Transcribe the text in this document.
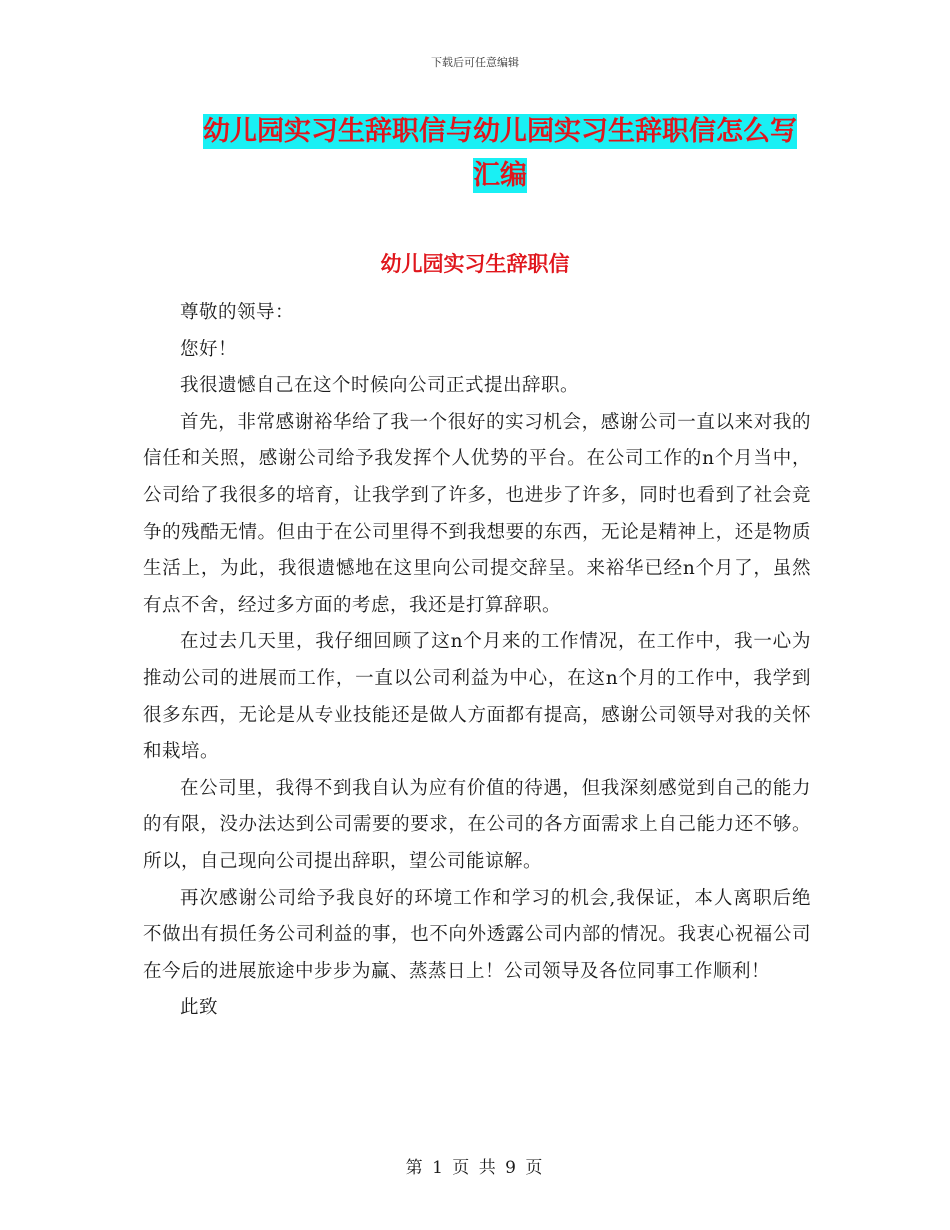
下载后可任意编辑
幼儿园实习生辞职信与幼儿园实习生辞职信怎么写汇编
幼儿园实习生辞职信

尊敬的领导：

您好！

我很遗憾自己在这个时候向公司正式提出辞职。

首先，非常感谢裕华给了我一个很好的实习机会，感谢公司一直以来对我的信任和关照，感谢公司给予我发挥个人优势的平台。在公司工作的n个月当中，公司给了我很多的培育，让我学到了许多，也进步了许多，同时也看到了社会竞争的残酷无情。但由于在公司里得不到我想要的东西，无论是精神上，还是物质生活上，为此，我很遗憾地在这里向公司提交辞呈。来裕华已经n个月了，虽然有点不舍，经过多方面的考虑，我还是打算辞职。

在过去几天里，我仔细回顾了这n个月来的工作情况，在工作中，我一心为推动公司的进展而工作，一直以公司利益为中心，在这n个月的工作中，我学到很多东西，无论是从专业技能还是做人方面都有提高，感谢公司领导对我的关怀和栽培。

在公司里，我得不到我自认为应有价值的待遇，但我深刻感觉到自己的能力的有限，没办法达到公司需要的要求，在公司的各方面需求上自己能力还不够。所以，自己现向公司提出辞职，望公司能谅解。

再次感谢公司给予我良好的环境工作和学习的机会,我保证，本人离职后绝不做出有损任务公司利益的事，也不向外透露公司内部的情况。我衷心祝福公司在今后的进展旅途中步步为赢、蒸蒸日上！公司领导及各位同事工作顺利！

此致

第 1 页 共 9 页
